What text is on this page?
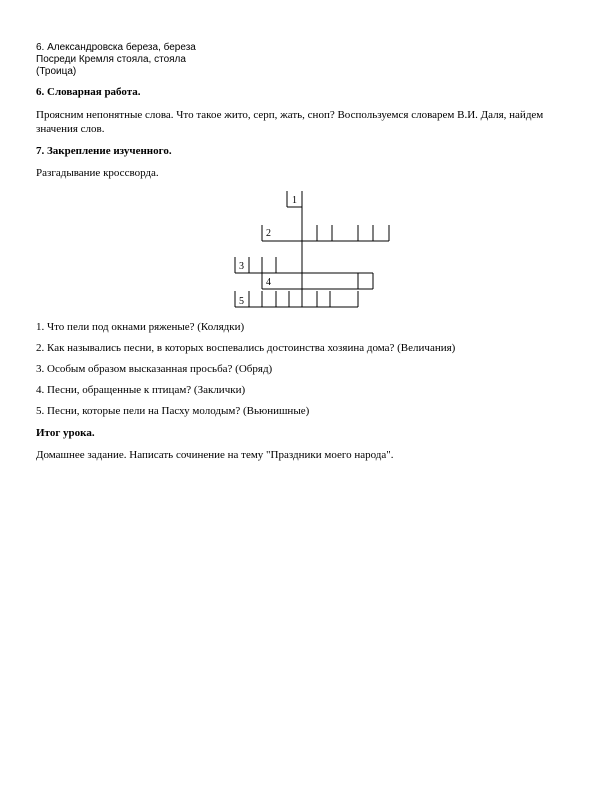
6. Александровска береза, береза
Посреди Кремля стояла, стояла
(Троица)
6. Словарная работа.
Проясним непонятные слова. Что такое жито, серп, жать, сноп? Воспользуемся словарем В.И. Даля, найдем значения слов.
7. Закрепление изученного.
Разгадывание кроссворда.
1
2
3
4
5
1. Что пели под окнами ряженые? (Колядки)
2. Как назывались песни, в которых воспевались достоинства хозяина дома? (Величания)
3. Особым образом высказанная просьба? (Обряд)
4. Песни, обращенные к птицам? (Заклички)
5. Песни, которые пели на Пасху молодым? (Вьюнишные)
Итог урока.
Домашнее задание. Написать сочинение на тему "Праздники моего народа".
